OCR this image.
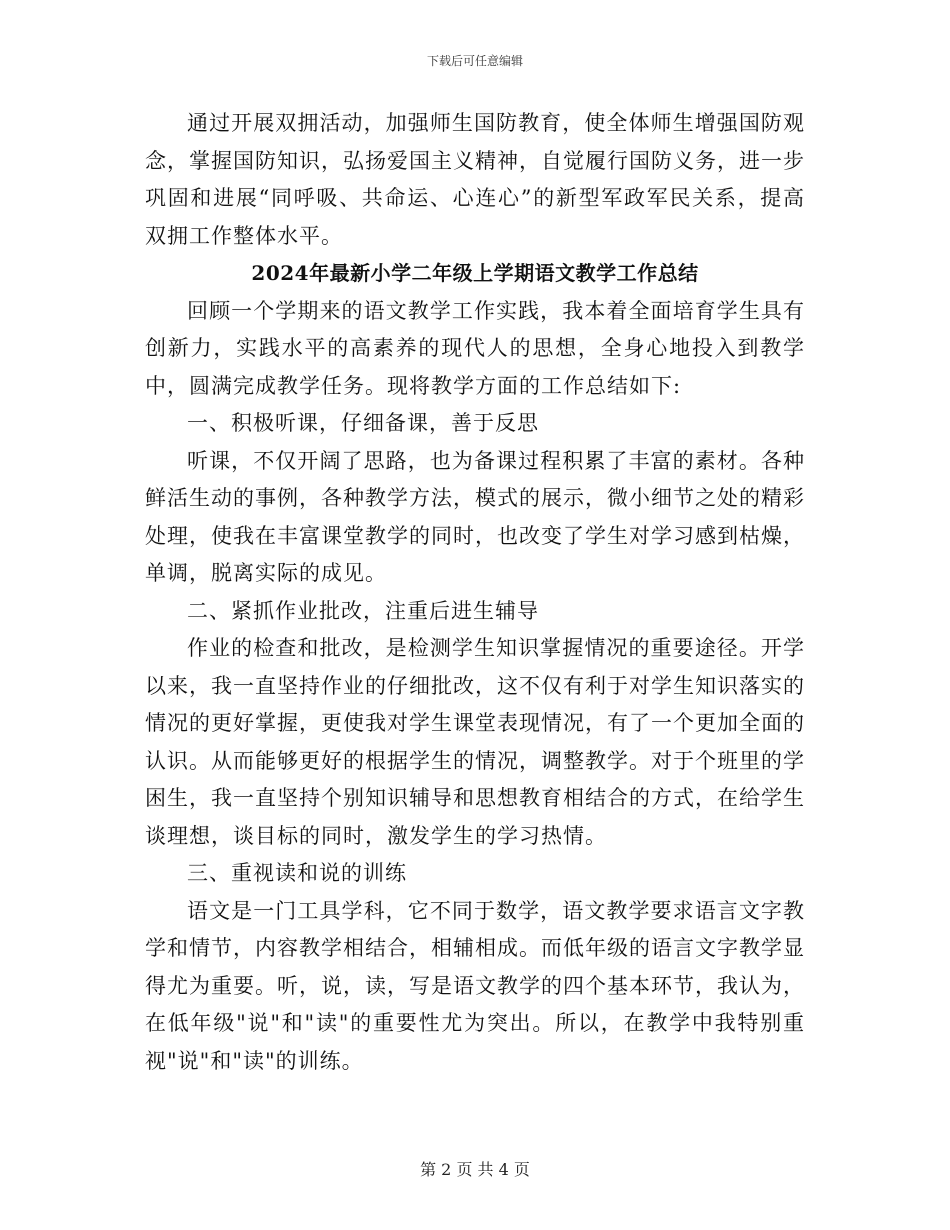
下载后可任意编辑

通过开展双拥活动，加强师生国防教育，使全体师生增强国防观念，掌握国防知识，弘扬爱国主义精神，自觉履行国防义务，进一步巩固和进展“同呼吸、共命运、心连心”的新型军政军民关系，提高双拥工作整体水平。

2024年最新小学二年级上学期语文教学工作总结

回顾一个学期来的语文教学工作实践，我本着全面培育学生具有创新力，实践水平的高素养的现代人的思想，全身心地投入到教学中，圆满完成教学任务。现将教学方面的工作总结如下:

一、积极听课，仔细备课，善于反思

听课，不仅开阔了思路，也为备课过程积累了丰富的素材。各种鲜活生动的事例，各种教学方法，模式的展示，微小细节之处的精彩处理，使我在丰富课堂教学的同时，也改变了学生对学习感到枯燥，单调，脱离实际的成见。

二、紧抓作业批改，注重后进生辅导

作业的检查和批改，是检测学生知识掌握情况的重要途径。开学以来，我一直坚持作业的仔细批改，这不仅有利于对学生知识落实的情况的更好掌握，更使我对学生课堂表现情况，有了一个更加全面的认识。从而能够更好的根据学生的情况，调整教学。对于个班里的学困生，我一直坚持个别知识辅导和思想教育相结合的方式，在给学生谈理想，谈目标的同时，激发学生的学习热情。

三、重视读和说的训练

语文是一门工具学科，它不同于数学，语文教学要求语言文字教学和情节，内容教学相结合，相辅相成。而低年级的语言文字教学显得尤为重要。听，说，读，写是语文教学的四个基本环节，我认为，在低年级"说"和"读"的重要性尤为突出。所以，在教学中我特别重视"说"和"读"的训练。

第 2 页 共 4 页
